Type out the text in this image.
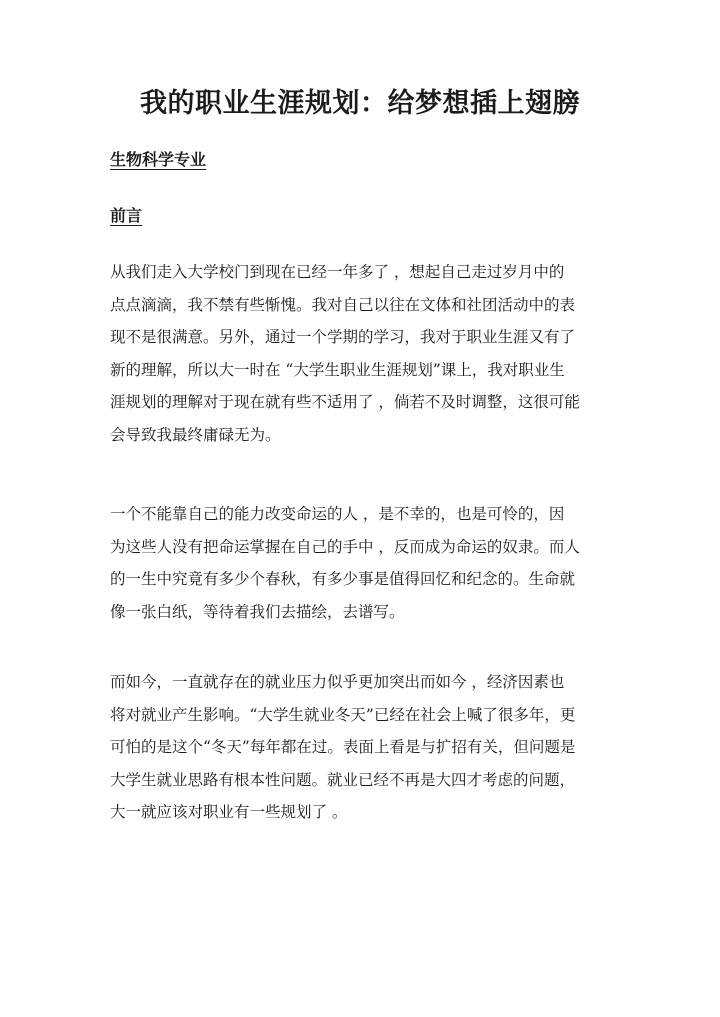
我的职业生涯规划：给梦想插上翅膀
生物科学专业
前言

从我们走入大学校门到现在已经一年多了 ，想起自己走过岁月中的
点点滴滴，我不禁有些惭愧。我对自己以往在文体和社团活动中的表
现不是很满意。另外，通过一个学期的学习，我对于职业生涯又有了
新的理解，所以大一时在 “大学生职业生涯规划”课上，我对职业生
涯规划的理解对于现在就有些不适用了 ，倘若不及时调整，这很可能
会导致我最终庸碌无为。

一个不能靠自己的能力改变命运的人 ，是不幸的，也是可怜的，因
为这些人没有把命运掌握在自己的手中 ，反而成为命运的奴隶。而人
的一生中究竟有多少个春秋，有多少事是值得回忆和纪念的。生命就
像一张白纸，等待着我们去描绘，去谱写。

而如今，一直就存在的就业压力似乎更加突出而如今 ，经济因素也
将对就业产生影响。“大学生就业冬天”已经在社会上喊了很多年，更
可怕的是这个“冬天”每年都在过。表面上看是与扩招有关，但问题是
大学生就业思路有根本性问题。就业已经不再是大四才考虑的问题，
大一就应该对职业有一些规划了 。
